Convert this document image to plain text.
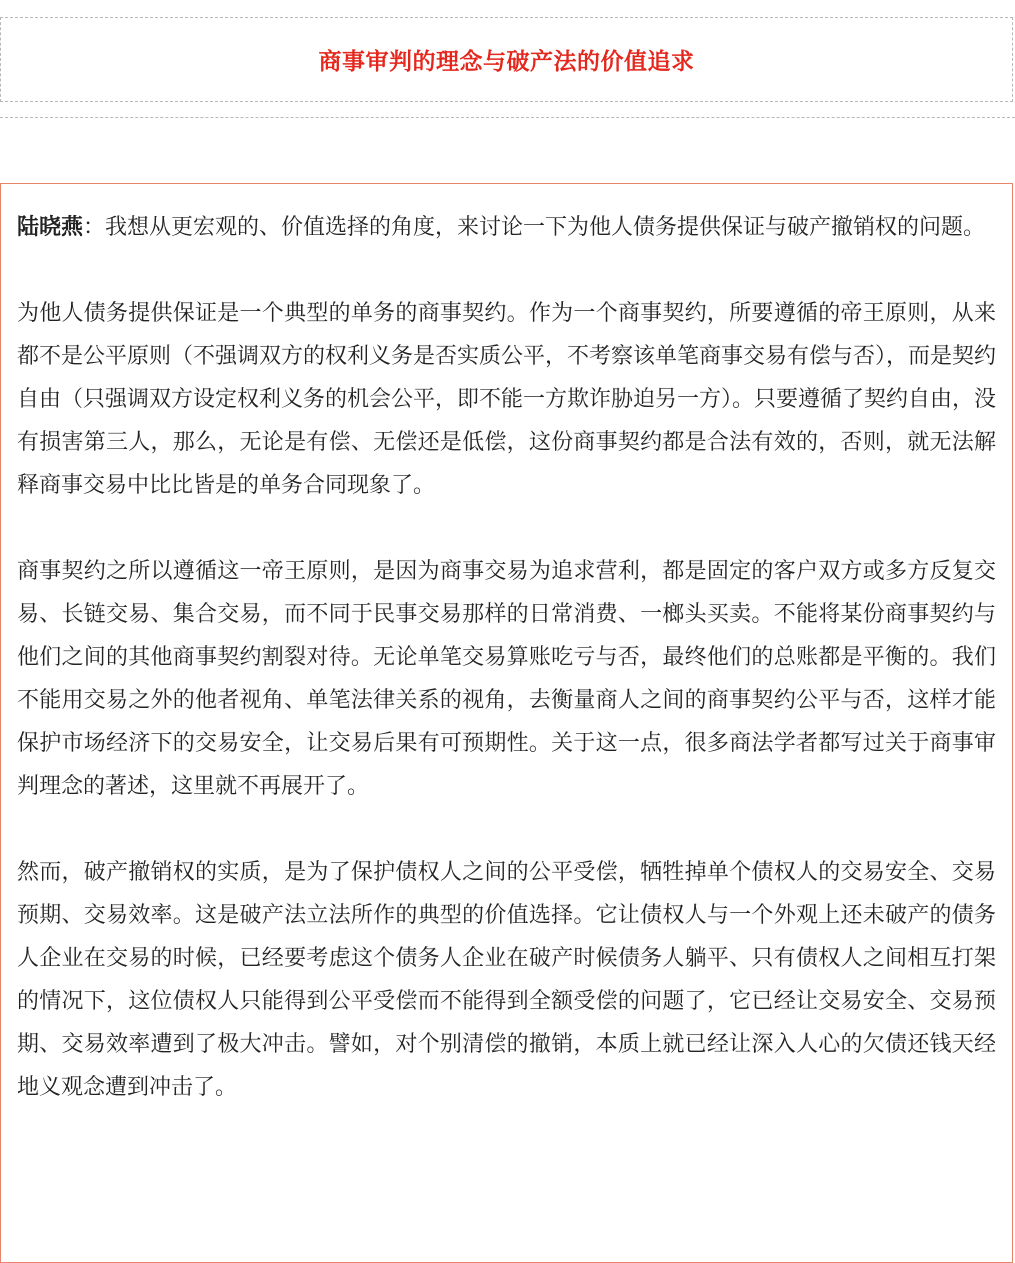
商事审判的理念与破产法的价值追求

陆晓燕：我想从更宏观的、价值选择的角度，来讨论一下为他人债务提供保证与破产撤销权的问题。

为他人债务提供保证是一个典型的单务的商事契约。作为一个商事契约，所要遵循的帝王原则，从来都不是公平原则（不强调双方的权利义务是否实质公平，不考察该单笔商事交易有偿与否），而是契约自由（只强调双方设定权利义务的机会公平，即不能一方欺诈胁迫另一方）。只要遵循了契约自由，没有损害第三人，那么，无论是有偿、无偿还是低偿，这份商事契约都是合法有效的，否则，就无法解释商事交易中比比皆是的单务合同现象了。

商事契约之所以遵循这一帝王原则，是因为商事交易为追求营利，都是固定的客户双方或多方反复交易、长链交易、集合交易，而不同于民事交易那样的日常消费、一榔头买卖。不能将某份商事契约与他们之间的其他商事契约割裂对待。无论单笔交易算账吃亏与否，最终他们的总账都是平衡的。我们不能用交易之外的他者视角、单笔法律关系的视角，去衡量商人之间的商事契约公平与否，这样才能保护市场经济下的交易安全，让交易后果有可预期性。关于这一点，很多商法学者都写过关于商事审判理念的著述，这里就不再展开了。

然而，破产撤销权的实质，是为了保护债权人之间的公平受偿，牺牲掉单个债权人的交易安全、交易预期、交易效率。这是破产法立法所作的典型的价值选择。它让债权人与一个外观上还未破产的债务人企业在交易的时候，已经要考虑这个债务人企业在破产时候债务人躺平、只有债权人之间相互打架的情况下，这位债权人只能得到公平受偿而不能得到全额受偿的问题了，它已经让交易安全、交易预期、交易效率遭到了极大冲击。譬如，对个别清偿的撤销，本质上就已经让深入人心的欠债还钱天经地义观念遭到冲击了。
